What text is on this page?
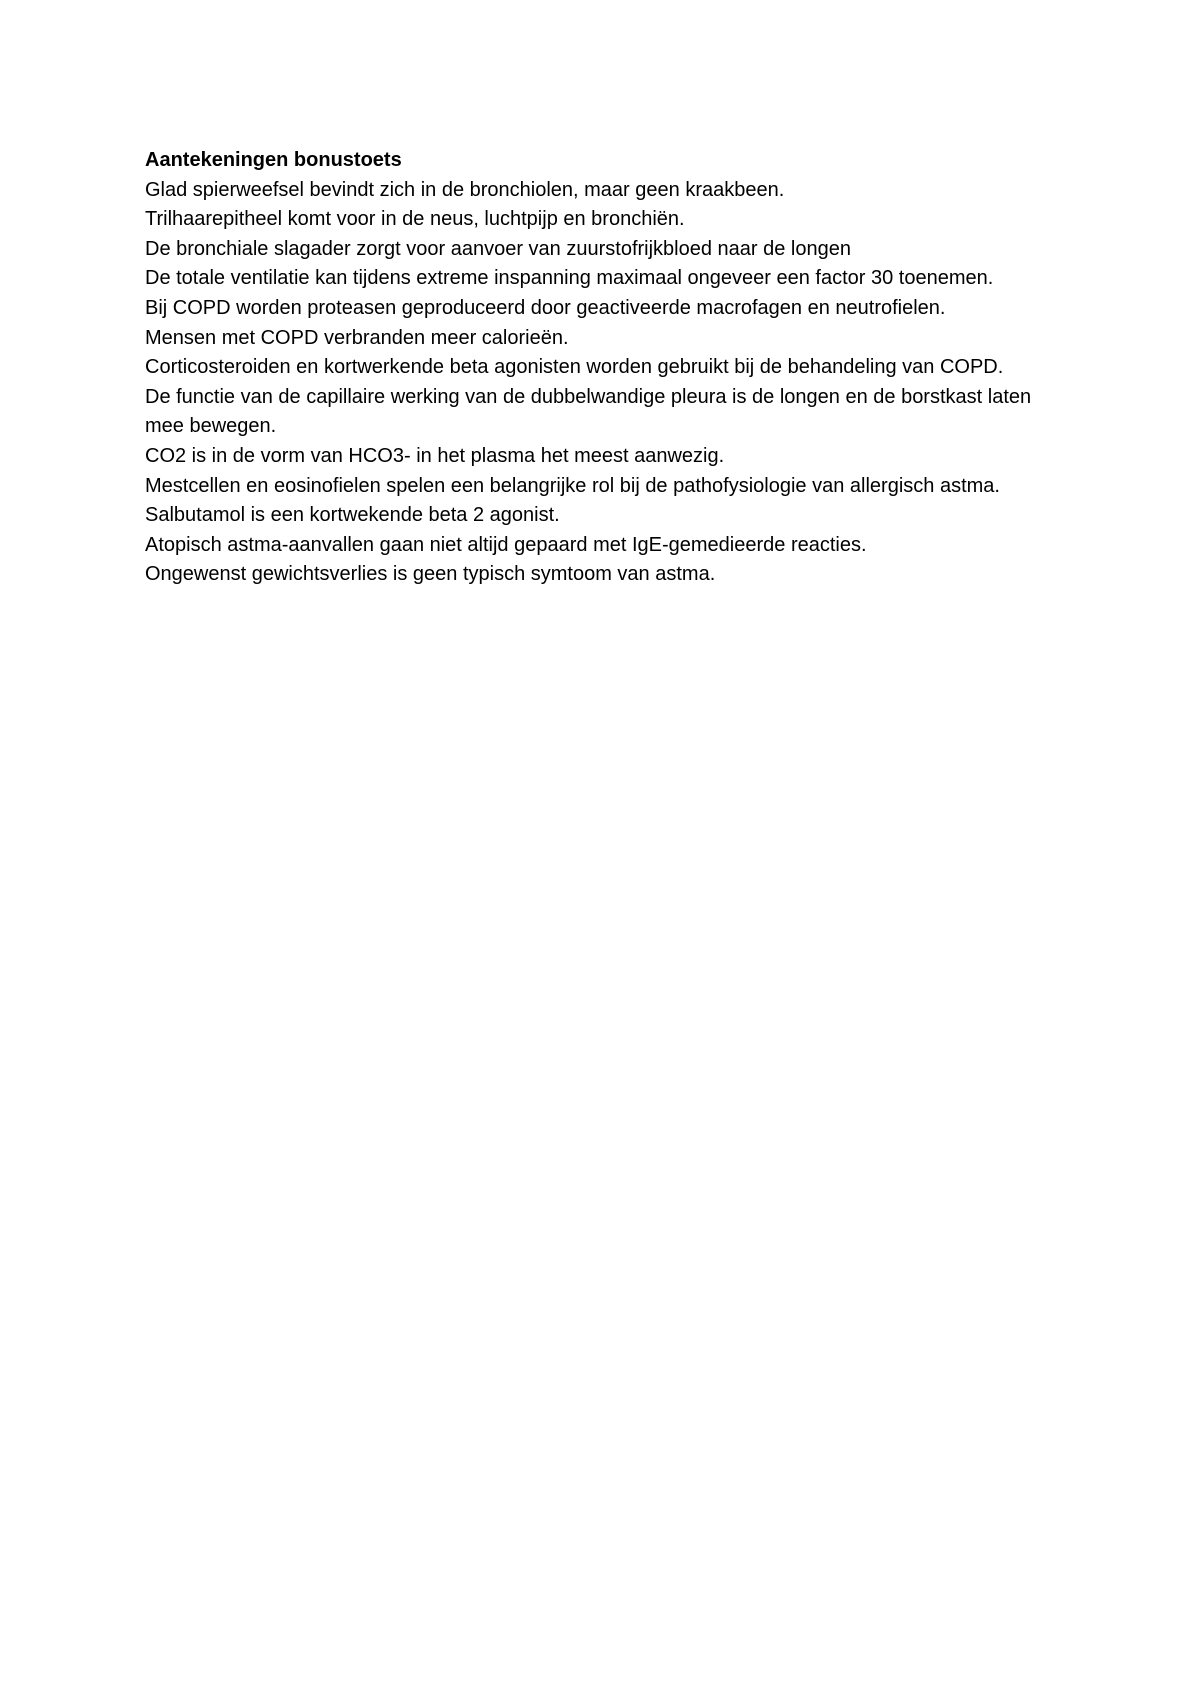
Aantekeningen bonustoets
Glad spierweefsel bevindt zich in de bronchiolen, maar geen kraakbeen.
Trilhaarepitheel komt voor in de neus, luchtpijp en bronchiën.
De bronchiale slagader zorgt voor aanvoer van zuurstofrijkbloed naar de longen
De totale ventilatie kan tijdens extreme inspanning maximaal ongeveer een factor 30 toenemen.
Bij COPD worden proteasen geproduceerd door geactiveerde macrofagen en neutrofielen.
Mensen met COPD verbranden meer calorieën.
Corticosteroiden en kortwerkende beta agonisten worden gebruikt bij de behandeling van COPD.
De functie van de capillaire werking van de dubbelwandige pleura is de longen en de borstkast laten mee bewegen.
CO2 is in de vorm van HCO3- in het plasma het meest aanwezig.
Mestcellen en eosinofielen spelen een belangrijke rol bij de pathofysiologie van allergisch astma.
Salbutamol is een kortwekende beta 2 agonist.
Atopisch astma-aanvallen gaan niet altijd gepaard met IgE-gemedieerde reacties.
Ongewenst gewichtsverlies is geen typisch symtoom van astma.
